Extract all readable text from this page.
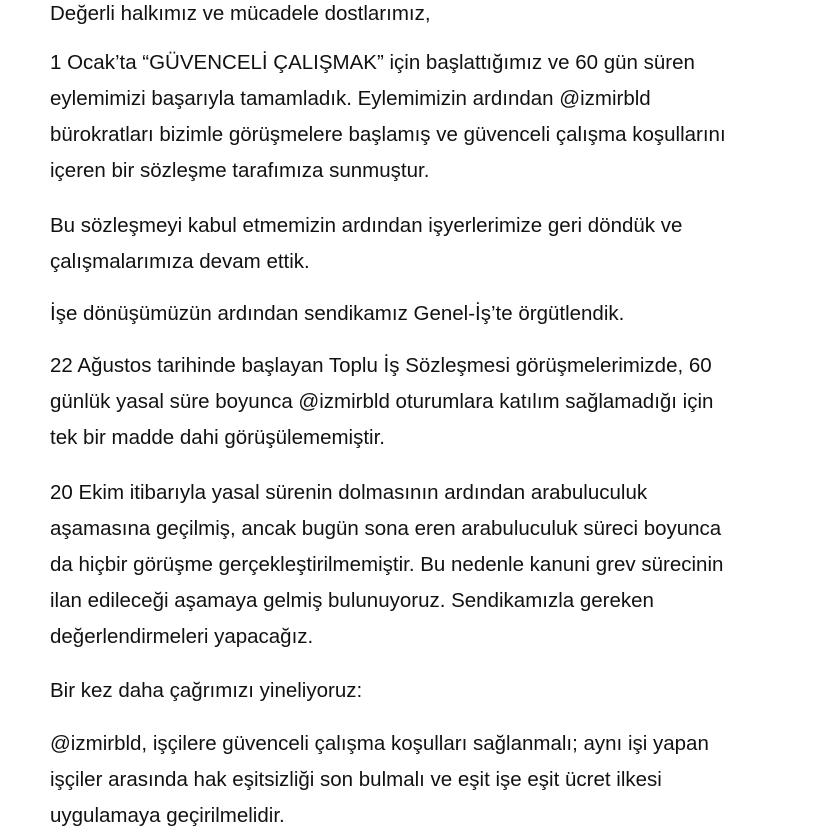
Değerli halkımız ve mücadele dostlarımız,

1 Ocak’ta “GÜVENCELİ ÇALIŞMAK” için başlattığımız ve 60 gün süren
eylemimizi başarıyla tamamladık. Eylemimizin ardından @izmirbld
bürokratları bizimle görüşmelere başlamış ve güvenceli çalışma koşullarını
içeren bir sözleşme tarafımıza sunmuştur.

Bu sözleşmeyi kabul etmemizin ardından işyerlerimize geri döndük ve
çalışmalarımıza devam ettik.

İşe dönüşümüzün ardından sendikamız Genel-İş’te örgütlendik.

22 Ağustos tarihinde başlayan Toplu İş Sözleşmesi görüşmelerimizde, 60
günlük yasal süre boyunca @izmirbld oturumlara katılım sağlamadığı için
tek bir madde dahi görüşülememiştir.

20 Ekim itibarıyla yasal sürenin dolmasının ardından arabuluculuk
aşamasına geçilmiş, ancak bugün sona eren arabuluculuk süreci boyunca
da hiçbir görüşme gerçekleştirilmemiştir. Bu nedenle kanuni grev sürecinin
ilan edileceği aşamaya gelmiş bulunuyoruz. Sendikamızla gereken
değerlendirmeleri yapacağız.

Bir kez daha çağrımızı yineliyoruz:

@izmirbld, işçilere güvenceli çalışma koşulları sağlanmalı; aynı işi yapan
işçiler arasında hak eşitsizliği son bulmalı ve eşit işe eşit ücret ilkesi
uygulamaya geçirilmelidir.
